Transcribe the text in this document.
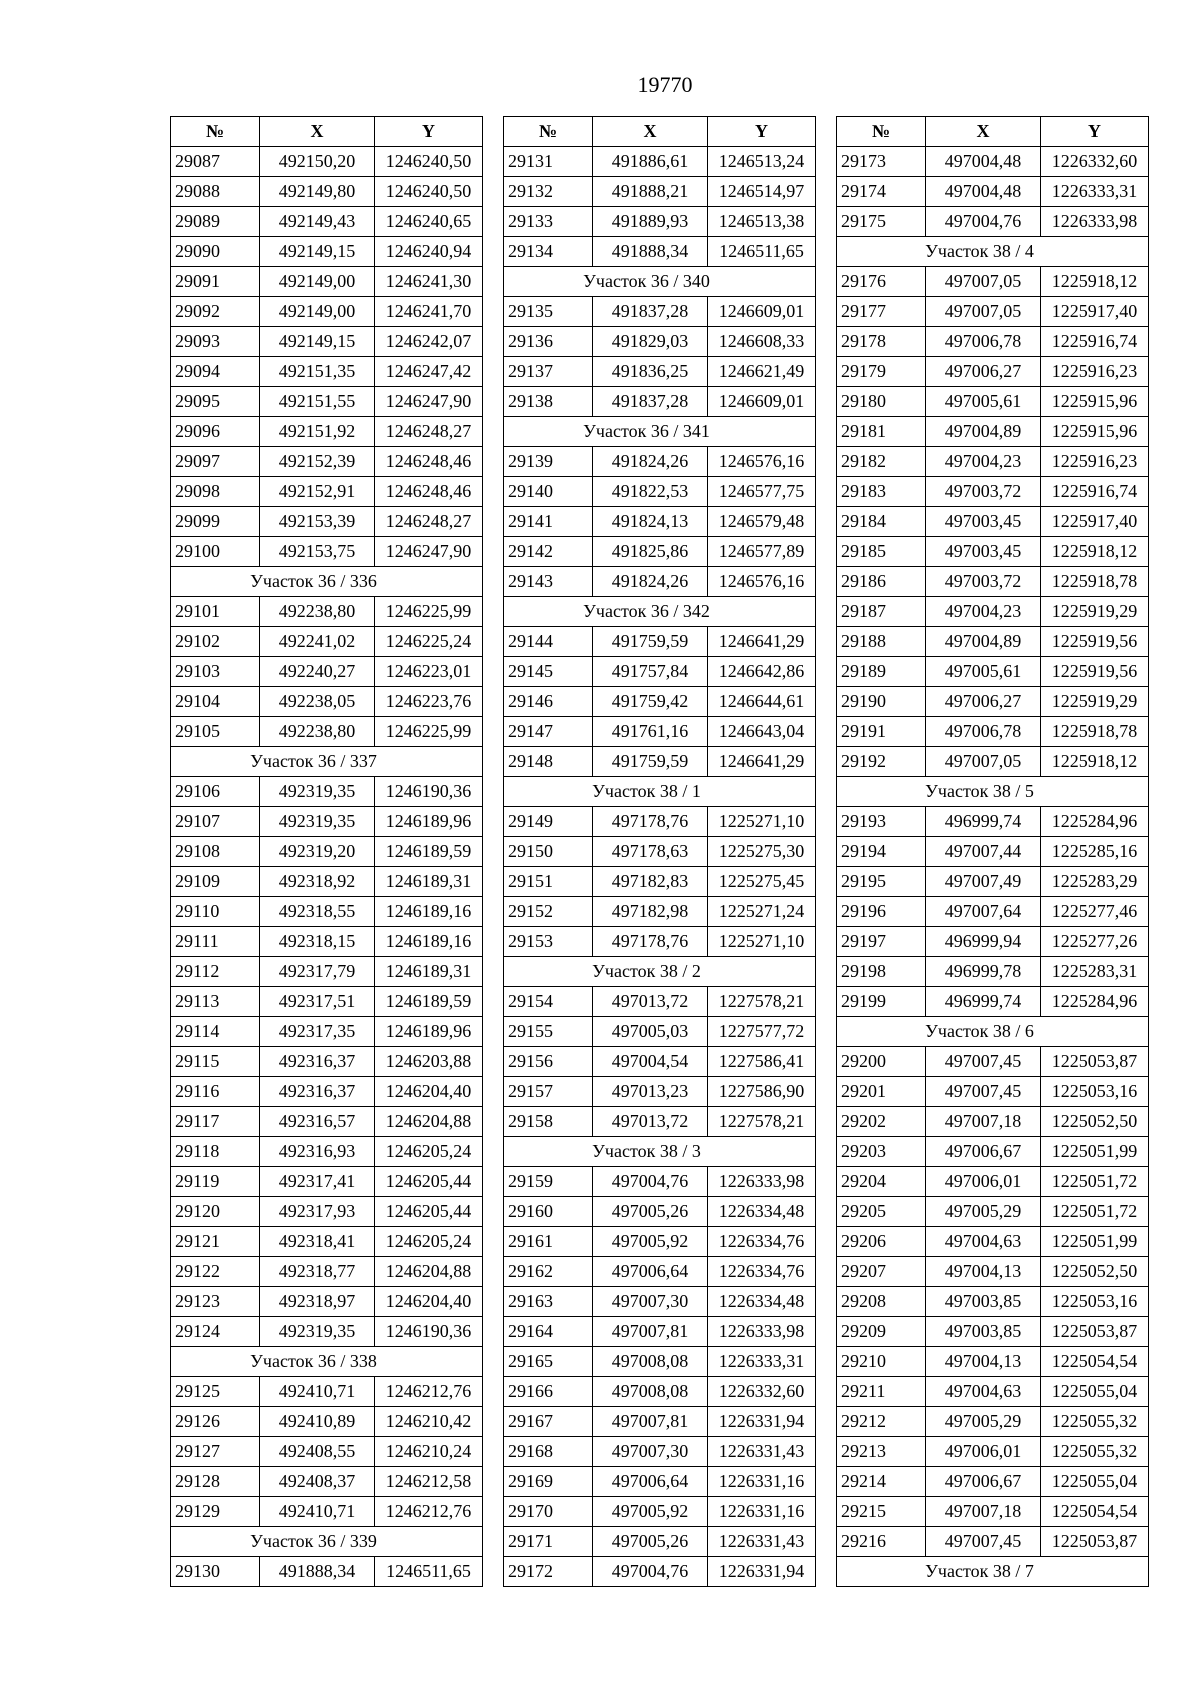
19770
№	X	Y
29087	492150,20	1246240,50
29088	492149,80	1246240,50
29089	492149,43	1246240,65
29090	492149,15	1246240,94
29091	492149,00	1246241,30
29092	492149,00	1246241,70
29093	492149,15	1246242,07
29094	492151,35	1246247,42
29095	492151,55	1246247,90
29096	492151,92	1246248,27
29097	492152,39	1246248,46
29098	492152,91	1246248,46
29099	492153,39	1246248,27
29100	492153,75	1246247,90
Участок 36 / 336		
29101	492238,80	1246225,99
29102	492241,02	1246225,24
29103	492240,27	1246223,01
29104	492238,05	1246223,76
29105	492238,80	1246225,99
Участок 36 / 337		
29106	492319,35	1246190,36
29107	492319,35	1246189,96
29108	492319,20	1246189,59
29109	492318,92	1246189,31
29110	492318,55	1246189,16
29111	492318,15	1246189,16
29112	492317,79	1246189,31
29113	492317,51	1246189,59
29114	492317,35	1246189,96
29115	492316,37	1246203,88
29116	492316,37	1246204,40
29117	492316,57	1246204,88
29118	492316,93	1246205,24
29119	492317,41	1246205,44
29120	492317,93	1246205,44
29121	492318,41	1246205,24
29122	492318,77	1246204,88
29123	492318,97	1246204,40
29124	492319,35	1246190,36
Участок 36 / 338		
29125	492410,71	1246212,76
29126	492410,89	1246210,42
29127	492408,55	1246210,24
29128	492408,37	1246212,58
29129	492410,71	1246212,76
Участок 36 / 339		
29130	491888,34	1246511,65
№	X	Y
29131	491886,61	1246513,24
29132	491888,21	1246514,97
29133	491889,93	1246513,38
29134	491888,34	1246511,65
Участок 36 / 340		
29135	491837,28	1246609,01
29136	491829,03	1246608,33
29137	491836,25	1246621,49
29138	491837,28	1246609,01
Участок 36 / 341		
29139	491824,26	1246576,16
29140	491822,53	1246577,75
29141	491824,13	1246579,48
29142	491825,86	1246577,89
29143	491824,26	1246576,16
Участок 36 / 342		
29144	491759,59	1246641,29
29145	491757,84	1246642,86
29146	491759,42	1246644,61
29147	491761,16	1246643,04
29148	491759,59	1246641,29
Участок 38 / 1		
29149	497178,76	1225271,10
29150	497178,63	1225275,30
29151	497182,83	1225275,45
29152	497182,98	1225271,24
29153	497178,76	1225271,10
Участок 38 / 2		
29154	497013,72	1227578,21
29155	497005,03	1227577,72
29156	497004,54	1227586,41
29157	497013,23	1227586,90
29158	497013,72	1227578,21
Участок 38 / 3		
29159	497004,76	1226333,98
29160	497005,26	1226334,48
29161	497005,92	1226334,76
29162	497006,64	1226334,76
29163	497007,30	1226334,48
29164	497007,81	1226333,98
29165	497008,08	1226333,31
29166	497008,08	1226332,60
29167	497007,81	1226331,94
29168	497007,30	1226331,43
29169	497006,64	1226331,16
29170	497005,92	1226331,16
29171	497005,26	1226331,43
29172	497004,76	1226331,94
№	X	Y
29173	497004,48	1226332,60
29174	497004,48	1226333,31
29175	497004,76	1226333,98
Участок 38 / 4		
29176	497007,05	1225918,12
29177	497007,05	1225917,40
29178	497006,78	1225916,74
29179	497006,27	1225916,23
29180	497005,61	1225915,96
29181	497004,89	1225915,96
29182	497004,23	1225916,23
29183	497003,72	1225916,74
29184	497003,45	1225917,40
29185	497003,45	1225918,12
29186	497003,72	1225918,78
29187	497004,23	1225919,29
29188	497004,89	1225919,56
29189	497005,61	1225919,56
29190	497006,27	1225919,29
29191	497006,78	1225918,78
29192	497007,05	1225918,12
Участок 38 / 5		
29193	496999,74	1225284,96
29194	497007,44	1225285,16
29195	497007,49	1225283,29
29196	497007,64	1225277,46
29197	496999,94	1225277,26
29198	496999,78	1225283,31
29199	496999,74	1225284,96
Участок 38 / 6		
29200	497007,45	1225053,87
29201	497007,45	1225053,16
29202	497007,18	1225052,50
29203	497006,67	1225051,99
29204	497006,01	1225051,72
29205	497005,29	1225051,72
29206	497004,63	1225051,99
29207	497004,13	1225052,50
29208	497003,85	1225053,16
29209	497003,85	1225053,87
29210	497004,13	1225054,54
29211	497004,63	1225055,04
29212	497005,29	1225055,32
29213	497006,01	1225055,32
29214	497006,67	1225055,04
29215	497007,18	1225054,54
29216	497007,45	1225053,87
Участок 38 / 7		
